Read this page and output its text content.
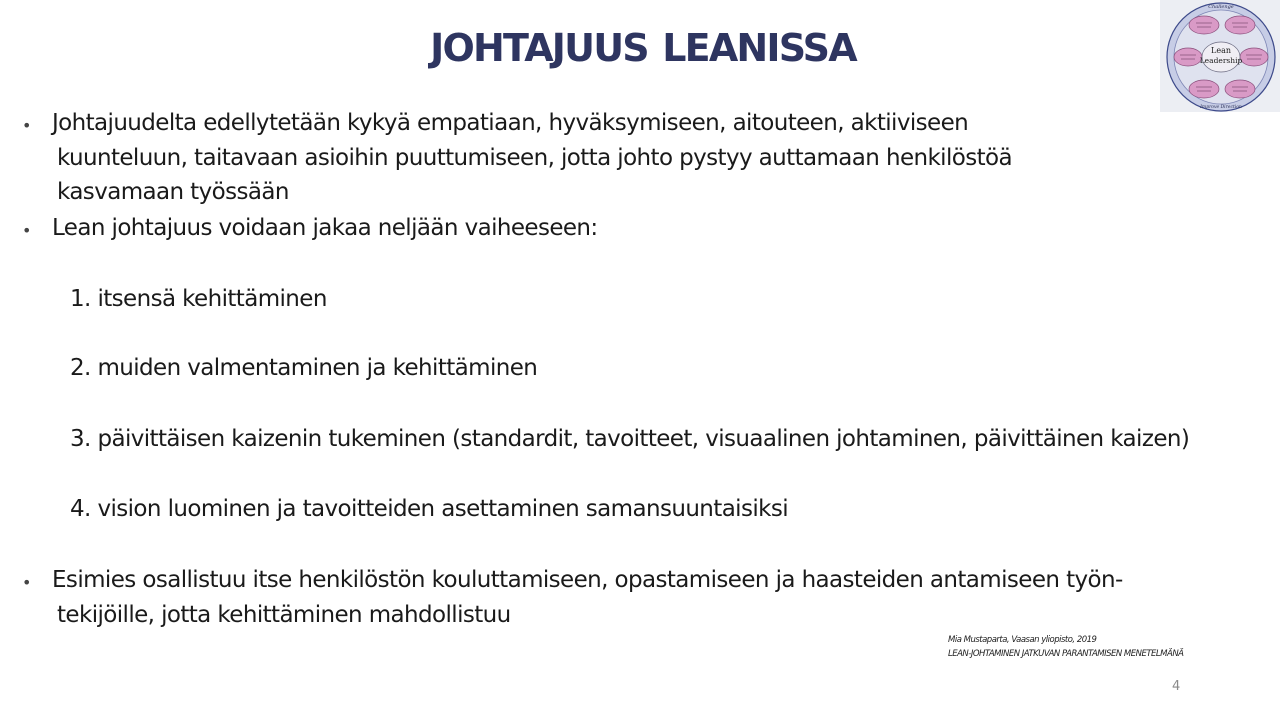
JOHTAJUUS LEANISSA	Lean
Leadership
Challenge
Improve Direction
• Johtajuudelta edellytetään kykyä empatiaan, hyväksymiseen, aitouteen, aktiiviseen
kuunteluun, taitavaan asioihin puuttumiseen, jotta johto pystyy auttamaan henkilöstöä
kasvamaan työssään
• Lean johtajuus voidaan jakaa neljään vaiheeseen:
1. itsensä kehittäminen
2. muiden valmentaminen ja kehittäminen
3. päivittäisen kaizenin tukeminen (standardit, tavoitteet, visuaalinen johtaminen, päivittäinen kaizen)
4. vision luominen ja tavoitteiden asettaminen samansuuntaisiksi
• Esimies osallistuu itse henkilöstön kouluttamiseen, opastamiseen ja haasteiden antamiseen työn-
tekijöille, jotta kehittäminen mahdollistuu
Mia Mustaparta, Vaasan yliopisto, 2019
LEAN-JOHTAMINEN JATKUVAN PARANTAMISEN MENETELMÄNÄ
4
